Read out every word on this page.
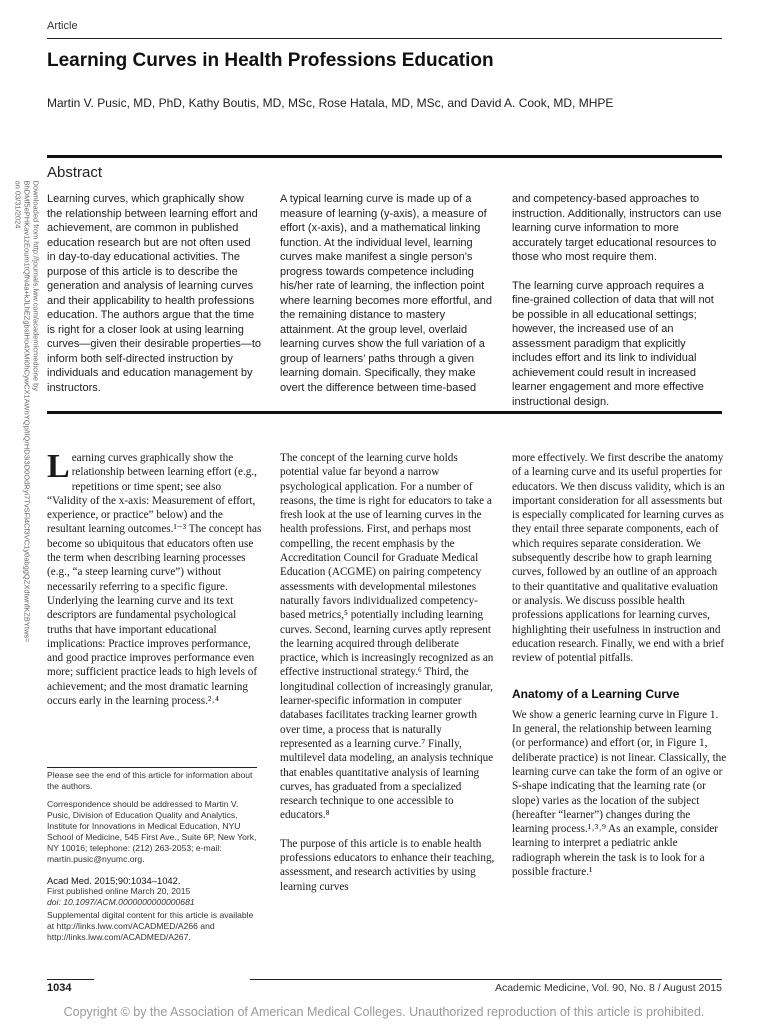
Article
Learning Curves in Health Professions Education
Martin V. Pusic, MD, PhD, Kathy Boutis, MD, MSc, Rose Hatala, MD, MSc, and David A. Cook, MD, MHPE
Downloaded from http://journals.lww.com/academicmedicine by BhDMf5ePHKav1zEoum1tQfN4a+kJLhEZgbsIHo4XMi0hCywCX1AWnYQp/IlQrHD3i3D0OdRyi7TvSFl4Cf3VC1y0abggQZXdtwnfKZBYtws= on 03/31/2024
Abstract

Learning curves, which graphically show the relationship between learning effort and achievement, are common in published education research but are not often used in day-to-day educational activities. The purpose of this article is to describe the generation and analysis of learning curves and their applicability to health professions education. The authors argue that the time is right for a closer look at using learning curves—given their desirable properties—to inform both self-directed instruction by individuals and education management by instructors.

A typical learning curve is made up of a measure of learning (y-axis), a measure of effort (x-axis), and a mathematical linking function. At the individual level, learning curves make manifest a single person’s progress towards competence including his/her rate of learning, the inflection point where learning becomes more effortful, and the remaining distance to mastery attainment. At the group level, overlaid learning curves show the full variation of a group of learners’ paths through a given learning domain. Specifically, they make overt the difference between time-based

and competency-based approaches to instruction. Additionally, instructors can use learning curve information to more accurately target educational resources to those who most require them.

The learning curve approach requires a fine-grained collection of data that will not be possible in all educational settings; however, the increased use of an assessment paradigm that explicitly includes effort and its link to individual achievement could result in increased learner engagement and more effective instructional design.

Learning curves graphically show the relationship between learning effort (e.g., repetitions or time spent; see also “Validity of the x-axis: Measurement of effort, experience, or practice” below) and the resultant learning outcomes.¹⁻³ The concept has become so ubiquitous that educators often use the term when describing learning processes (e.g., “a steep learning curve”) without necessarily referring to a specific figure. Underlying the learning curve and its text descriptors are fundamental psychological truths that have important educational implications: Practice improves performance, and good practice improves performance even more; sufficient practice leads to high levels of achievement; and the most dramatic learning occurs early in the learning process.²˒⁴

The concept of the learning curve holds potential value far beyond a narrow psychological application. For a number of reasons, the time is right for educators to take a fresh look at the use of learning curves in the health professions. First, and perhaps most compelling, the recent emphasis by the Accreditation Council for Graduate Medical Education (ACGME) on pairing competency assessments with developmental milestones naturally favors individualized competency-based metrics,⁵ potentially including learning curves. Second, learning curves aptly represent the learning acquired through deliberate practice, which is increasingly recognized as an effective instructional strategy.⁶ Third, the longitudinal collection of increasingly granular, learner-specific information in computer databases facilitates tracking learner growth over time, a process that is naturally represented as a learning curve.⁷ Finally, multilevel data modeling, an analysis technique that enables quantitative analysis of learning curves, has graduated from a specialized research technique to one accessible to educators.⁸

The purpose of this article is to enable health professions educators to enhance their teaching, assessment, and research activities by using learning curves

more effectively. We first describe the anatomy of a learning curve and its useful properties for educators. We then discuss validity, which is an important consideration for all assessments but is especially complicated for learning curves as they entail three separate components, each of which requires separate consideration. We subsequently describe how to graph learning curves, followed by an outline of an approach to their quantitative and qualitative evaluation or analysis. We discuss possible health professions applications for learning curves, highlighting their usefulness in instruction and education research. Finally, we end with a brief review of potential pitfalls.

Anatomy of a Learning Curve

We show a generic learning curve in Figure 1. In general, the relationship between learning (or performance) and effort (or, in Figure 1, deliberate practice) is not linear. Classically, the learning curve can take the form of an ogive or S-shape indicating that the learning rate (or slope) varies as the location of the subject (hereafter “learner”) changes during the learning process.¹˒³˒⁹ As an example, consider learning to interpret a pediatric ankle radiograph wherein the task is to look for a possible fracture.¹

Please see the end of this article for information about the authors.
Correspondence should be addressed to Martin V. Pusic, Division of Education Quality and Analytics, Institute for Innovations in Medical Education, NYU School of Medicine, 545 First Ave., Suite 6P, New York, NY 10016; telephone: (212) 263-2053; e-mail: martin.pusic@nyumc.org.
Acad Med. 2015;90:1034–1042.
First published online March 20, 2015
doi: 10.1097/ACM.0000000000000681
Supplemental digital content for this article is available at http://links.lww.com/ACADMED/A266 and http://links.lww.com/ACADMED/A267.
1034	Academic Medicine, Vol. 90, No. 8 / August 2015
Copyright © by the Association of American Medical Colleges. Unauthorized reproduction of this article is prohibited.
